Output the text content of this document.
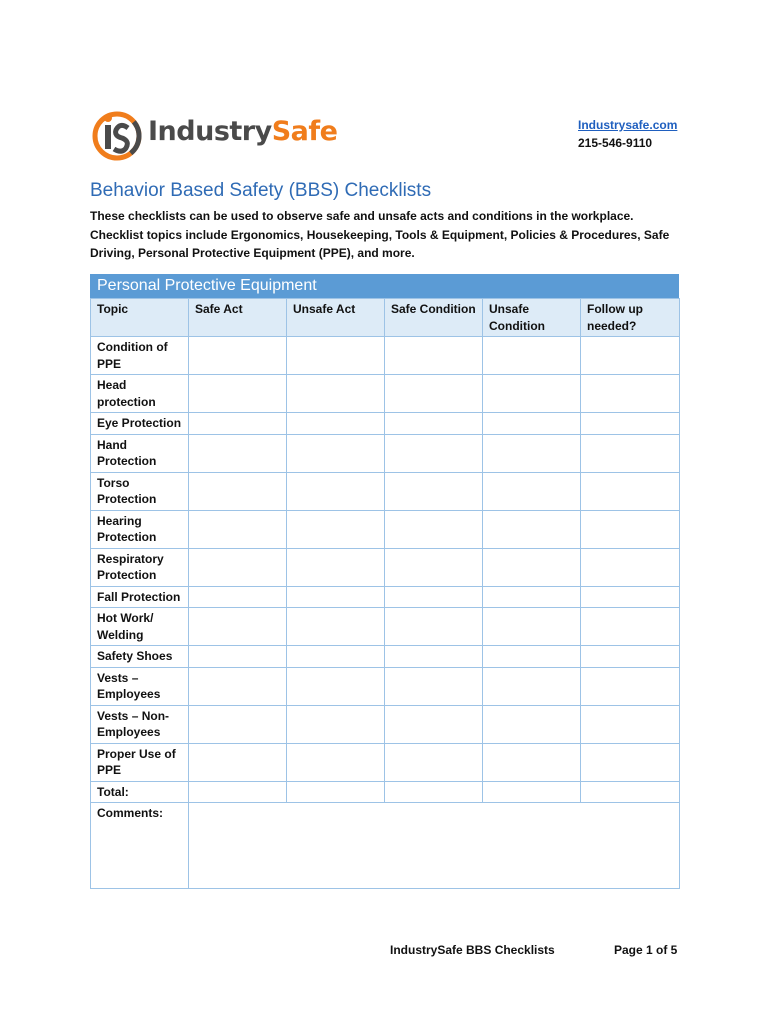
IndustrySafe	Industrysafe.com
215-546-9110
Behavior Based Safety (BBS) Checklists
These checklists can be used to observe safe and unsafe acts and conditions in the workplace. Checklist topics include Ergonomics, Housekeeping, Tools & Equipment, Policies & Procedures, Safe Driving, Personal Protective Equipment (PPE), and more.
Personal Protective Equipment
Topic	Safe Act	Unsafe Act	Safe Condition	Unsafe Condition	Follow up needed?
Condition of PPE					
Head protection					
Eye Protection					
Hand Protection					
Torso Protection					
Hearing Protection					
Respiratory Protection					
Fall Protection					
Hot Work/ Welding					
Safety Shoes					
Vests – Employees					
Vests – Non-Employees					
Proper Use of PPE					
Total:					
Comments:					
IndustrySafe BBS Checklists	Page 1 of 5
